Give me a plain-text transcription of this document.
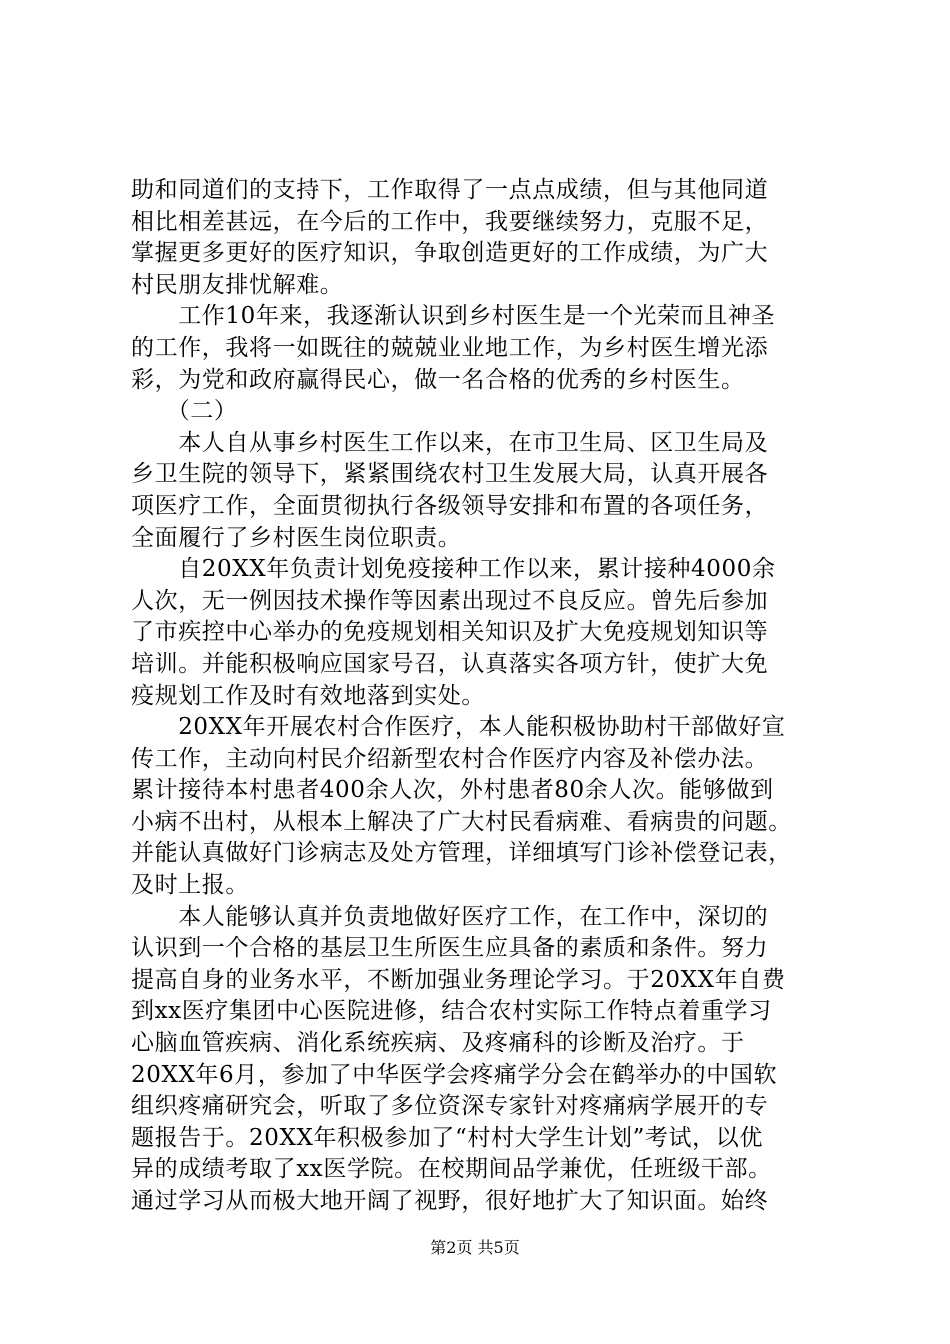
助和同道们的支持下，工作取得了一点点成绩，但与其他同道
相比相差甚远，在今后的工作中，我要继续努力，克服不足，
掌握更多更好的医疗知识，争取创造更好的工作成绩，为广大
村民朋友排忧解难。
　　工作10年来，我逐渐认识到乡村医生是一个光荣而且神圣
的工作，我将一如既往的兢兢业业地工作，为乡村医生增光添
彩，为党和政府赢得民心，做一名合格的优秀的乡村医生。
　　（二）
　　本人自从事乡村医生工作以来，在市卫生局、区卫生局及
乡卫生院的领导下，紧紧围绕农村卫生发展大局，认真开展各
项医疗工作，全面贯彻执行各级领导安排和布置的各项任务，
全面履行了乡村医生岗位职责。
　　自20XX年负责计划免疫接种工作以来，累计接种4000余
人次，无一例因技术操作等因素出现过不良反应。曾先后参加
了市疾控中心举办的免疫规划相关知识及扩大免疫规划知识等
培训。并能积极响应国家号召，认真落实各项方针，使扩大免
疫规划工作及时有效地落到实处。
　　20XX年开展农村合作医疗，本人能积极协助村干部做好宣
传工作，主动向村民介绍新型农村合作医疗内容及补偿办法。
累计接待本村患者400余人次，外村患者80余人次。能够做到
小病不出村，从根本上解决了广大村民看病难、看病贵的问题。
并能认真做好门诊病志及处方管理，详细填写门诊补偿登记表，
及时上报。
　　本人能够认真并负责地做好医疗工作，在工作中，深切的
认识到一个合格的基层卫生所医生应具备的素质和条件。努力
提高自身的业务水平，不断加强业务理论学习。于20XX年自费
到xx医疗集团中心医院进修，结合农村实际工作特点着重学习
心脑血管疾病、消化系统疾病、及疼痛科的诊断及治疗。于
20XX年6月，参加了中华医学会疼痛学分会在鹤举办的中国软
组织疼痛研究会，听取了多位资深专家针对疼痛病学展开的专
题报告于。20XX年积极参加了“村村大学生计划”考试，以优
异的成绩考取了xx医学院。在校期间品学兼优，任班级干部。
通过学习从而极大地开阔了视野，很好地扩大了知识面。始终
第2页 共5页
